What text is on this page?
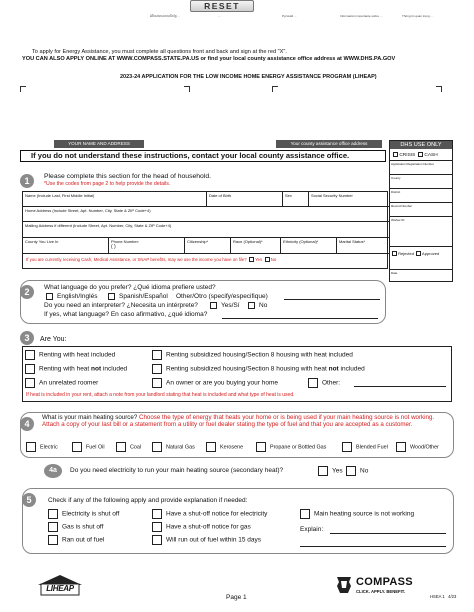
RESET
អំពីសេវាភាសាឥតគិតថ្លៃ ...	...	Русский ...	Información importante sobre ...	Thông tin quan trọng ...
To apply for Energy Assistance, you must complete all questions front and back and sign at the red "X".
YOU CAN ALSO APPLY ONLINE AT WWW.COMPASS.STATE.PA.US or find your local county assistance office address at WWW.DHS.PA.GOV
2023-24 APPLICATION FOR THE LOW INCOME HOME ENERGY ASSISTANCE PROGRAM (LIHEAP)
YOUR NAME AND ADDRESS	Your county assistance office address	DHS USE ONLY
CRISIS CASH
Application Registration Number
County
District
Record Number
Worker ID
Rejected Approved
Date
If you do not understand these instructions, contact your local county assistance office.
1	Please complete this section for the head of household.
*Use the codes from page 2 to help provide the details.
Name (Include Last, First Middle Initial)	Date of Birth	Sex	Social Security Number
Home Address (Include Street, Apt. Number, City, State & ZIP Code+4)
Mailing Address if different (Include Street, Apt. Number, City, State & ZIP Code+4)
County You Live In	Phone Number:
( )
Citizenship*	Race (Optional)*	Ethnicity (Optional)*	Marital Status*
If you are currently receiving Cash, Medical Assistance, or SNAP benefits, may we use the income you have on file? Yes No
2	What language do you prefer? ¿Qué idioma prefiere usted?
English/Inglés	Spanish/Español Other/Otro (specify/especifique)
Do you need an interpreter? ¿Necesita un intérprete?	Yes/Sí	No
If yes, what language? En caso afirmativo, ¿qué idioma?
3	Are You:
Renting with heat included
Renting with heat not included
An unrelated roomer
Renting subsidized housing/Section 8 housing with heat included
Renting subsidized housing/Section 8 housing with heat not included
An owner or are you buying your home	Other:
If heat is included in your rent, attach a note from your landlord stating that heat is included and what type of heat is used.
4
What is your main heating source? Choose the type of energy that heats your home or is being used if your main heating source is not working. Attach a copy of your last bill or a statement from a utility or fuel dealer stating the type of fuel and that you are accepted as a customer.
Electric	Fuel Oil	Coal	Natural Gas	Kerosene	Propane or Bottled Gas	Blended Fuel	Wood/Other
4a	Do you need electricity to run your main heating source (secondary heat)?	Yes	No
5	Check if any of the following apply and provide explanation if needed:
Electricity is shut off
Gas is shut off
Ran out of fuel
Have a shut-off notice for electricity
Have a shut-off notice for gas
Will run out of fuel within 15 days
Main heating source is not working
Explain:
LIHEAP
Page 1
COMPASS
CLICK. APPLY. BENEFIT.
HSEA 1   4/23
